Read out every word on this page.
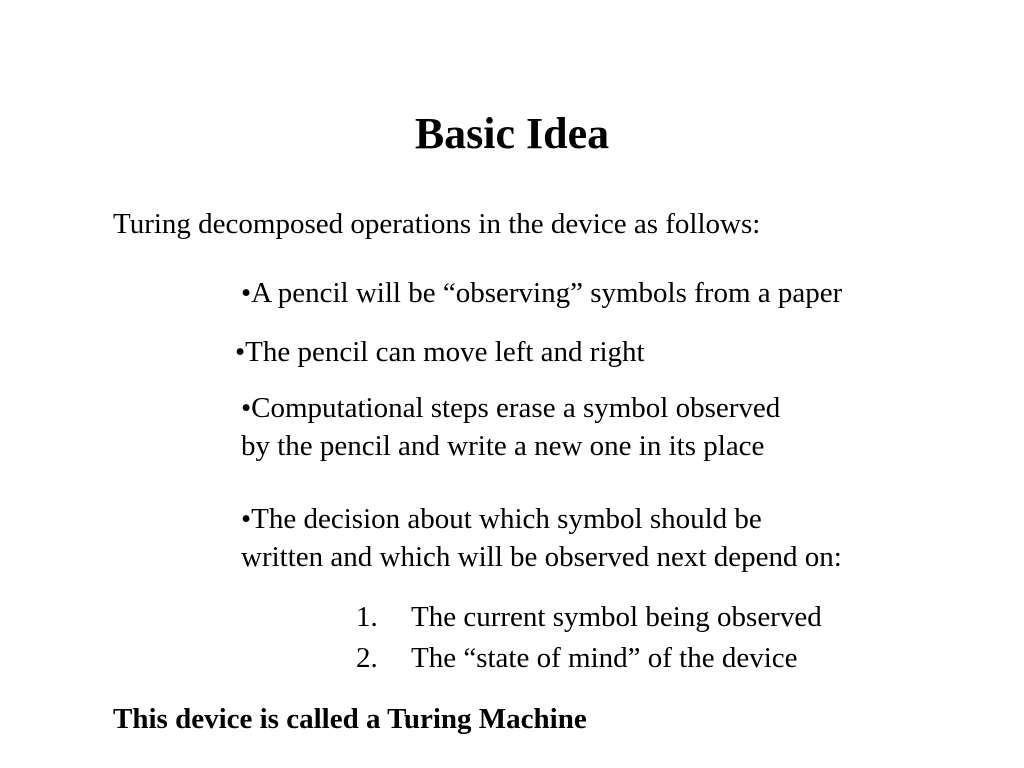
Basic Idea
Turing decomposed operations in the device as follows:
•A pencil will be “observing” symbols from a paper
•The pencil can move left and right
•Computational steps erase a symbol observed
by the pencil and write a new one in its place
•The decision about which symbol should be
written and which will be observed next depend on:
1. The current symbol being observed
2. The “state of mind” of the device
This device is called a Turing Machine
